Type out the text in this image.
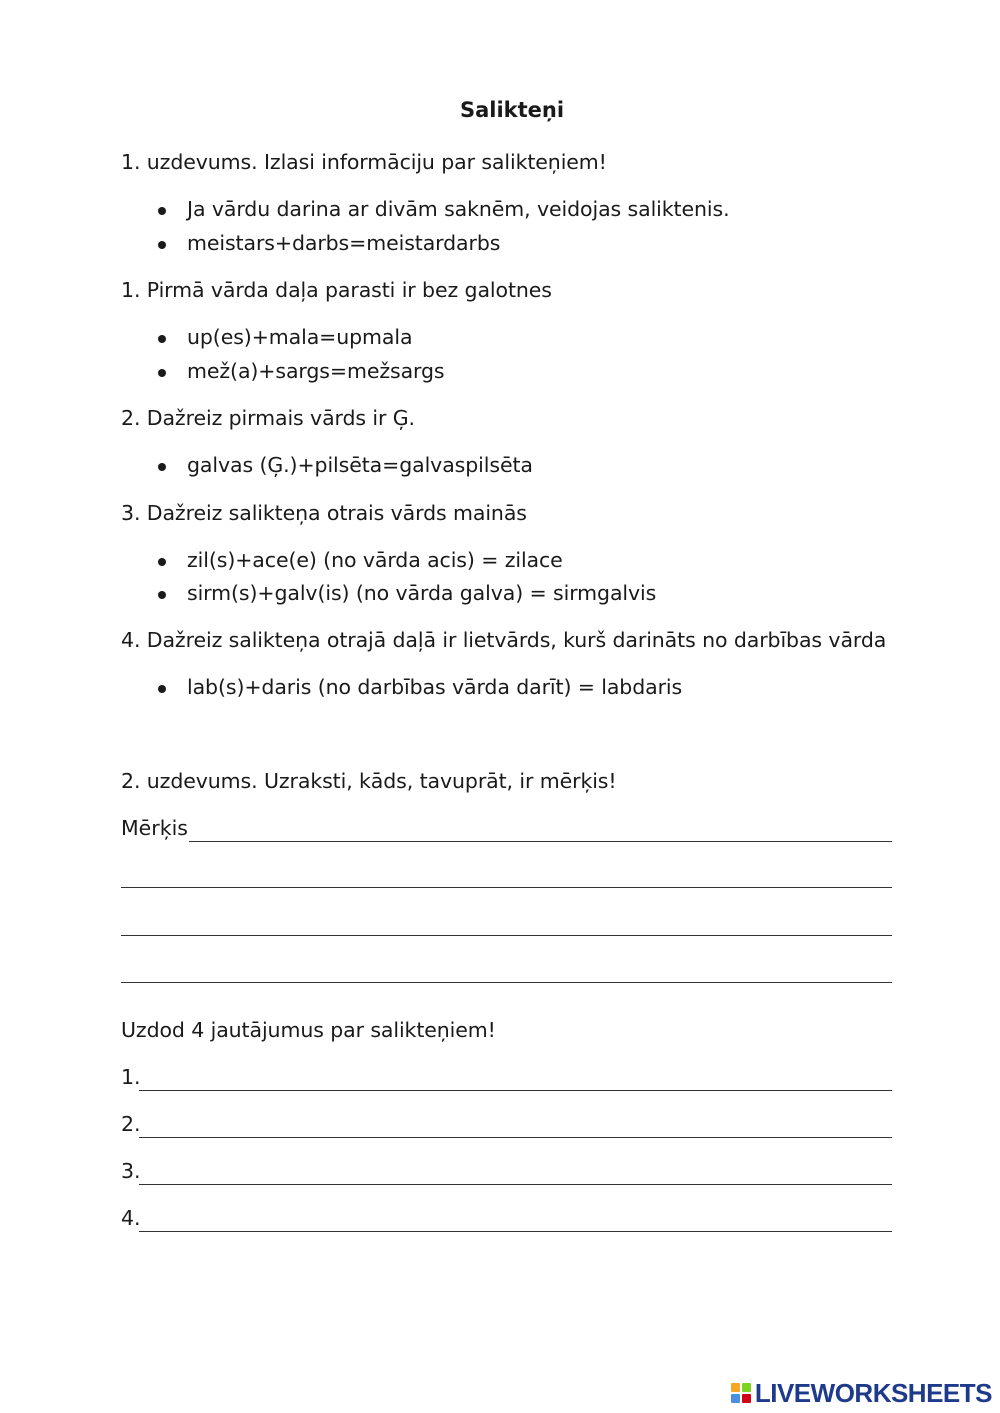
Salikteņi
1. uzdevums. Izlasi informāciju par salikteņiem!
Ja vārdu darina ar divām saknēm, veidojas saliktenis.
meistars+darbs=meistardarbs
1. Pirmā vārda daļa parasti ir bez galotnes
up(es)+mala=upmala
mež(a)+sargs=mežsargs
2. Dažreiz pirmais vārds ir Ģ.
galvas (Ģ.)+pilsēta=galvaspilsēta
3. Dažreiz salikteņa otrais vārds mainās
zil(s)+ace(e) (no vārda acis) = zilace
sirm(s)+galv(is) (no vārda galva) = sirmgalvis
4. Dažreiz salikteņa otrajā daļā ir lietvārds, kurš darināts no darbības vārda
lab(s)+daris (no darbības vārda darīt) = labdaris
2. uzdevums. Uzraksti, kāds, tavuprāt, ir mērķis!
Mērķis
Uzdod 4 jautājumus par salikteņiem!
1.
2.
3.
4.
LIVEWORKSHEETS
